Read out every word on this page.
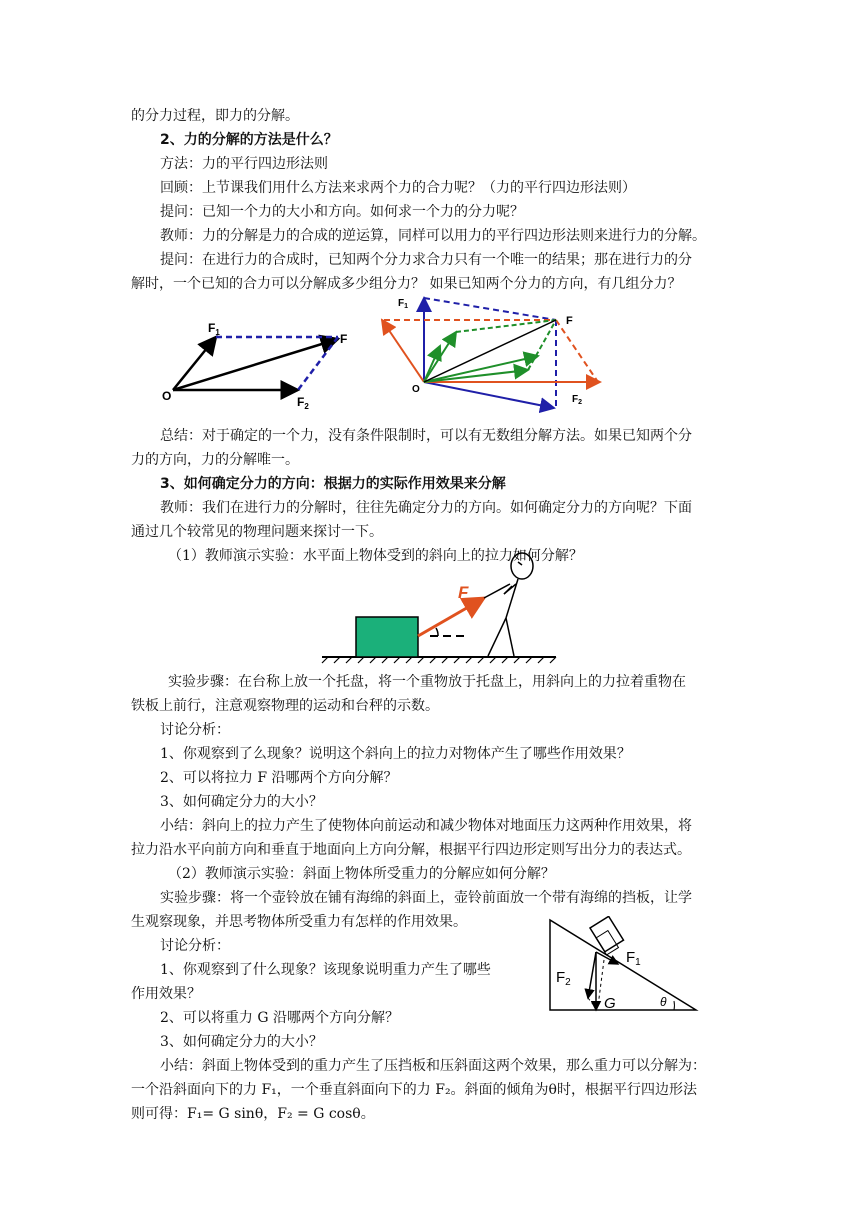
的分力过程，即力的分解。
2、力的分解的方法是什么？
方法：力的平行四边形法则
回顾：上节课我们用什么方法来求两个力的合力呢？（力的平行四边形法则）
提问：已知一个力的大小和方向。如何求一个力的分力呢？
教师：力的分解是力的合成的逆运算，同样可以用力的平行四边形法则来进行力的分解。
提问：在进行力的合成时，已知两个分力求合力只有一个唯一的结果；那在进行力的分
解时，一个已知的合力可以分解成多少组分力？ 如果已知两个分力的方向，有几组分力？
$F_1$	F
O	$F_2$
$F_1$
F
O
$F_2$
总结：对于确定的一个力，没有条件限制时，可以有无数组分解方法。如果已知两个分
力的方向，力的分解唯一。
3、如何确定分力的方向：根据力的实际作用效果来分解
教师：我们在进行力的分解时，往往先确定分力的方向。如何确定分力的方向呢？下面
通过几个较常见的物理问题来探讨一下。
（1）教师演示实验：水平面上物体受到的斜向上的拉力如何分解？
F
实验步骤：在台称上放一个托盘，将一个重物放于托盘上，用斜向上的力拉着重物在
铁板上前行，注意观察物理的运动和台秤的示数。
讨论分析：
1、你观察到了么现象？说明这个斜向上的拉力对物体产生了哪些作用效果？
2、可以将拉力 F 沿哪两个方向分解？
3、如何确定分力的大小？
小结：斜向上的拉力产生了使物体向前运动和减少物体对地面压力这两种作用效果，将
拉力沿水平向前方向和垂直于地面向上方向分解，根据平行四边形定则写出分力的表达式。
（2）教师演示实验：斜面上物体所受重力的分解应如何分解？
实验步骤：将一个壶铃放在铺有海绵的斜面上，壶铃前面放一个带有海绵的挡板，让学
生观察现象，并思考物体所受重力有怎样的作用效果。
讨论分析：
1、你观察到了什么现象？该现象说明重力产生了哪些
作用效果？
2、可以将重力 G 沿哪两个方向分解？
3、如何确定分力的大小？
$F_1$
$F_2$
G	θ
小结：斜面上物体受到的重力产生了压挡板和压斜面这两个效果，那么重力可以分解为：
一个沿斜面向下的力 F₁，一个垂直斜面向下的力 F₂。斜面的倾角为θ时，根据平行四边形法
则可得：F₁= G sinθ，F₂ = G cosθ。
